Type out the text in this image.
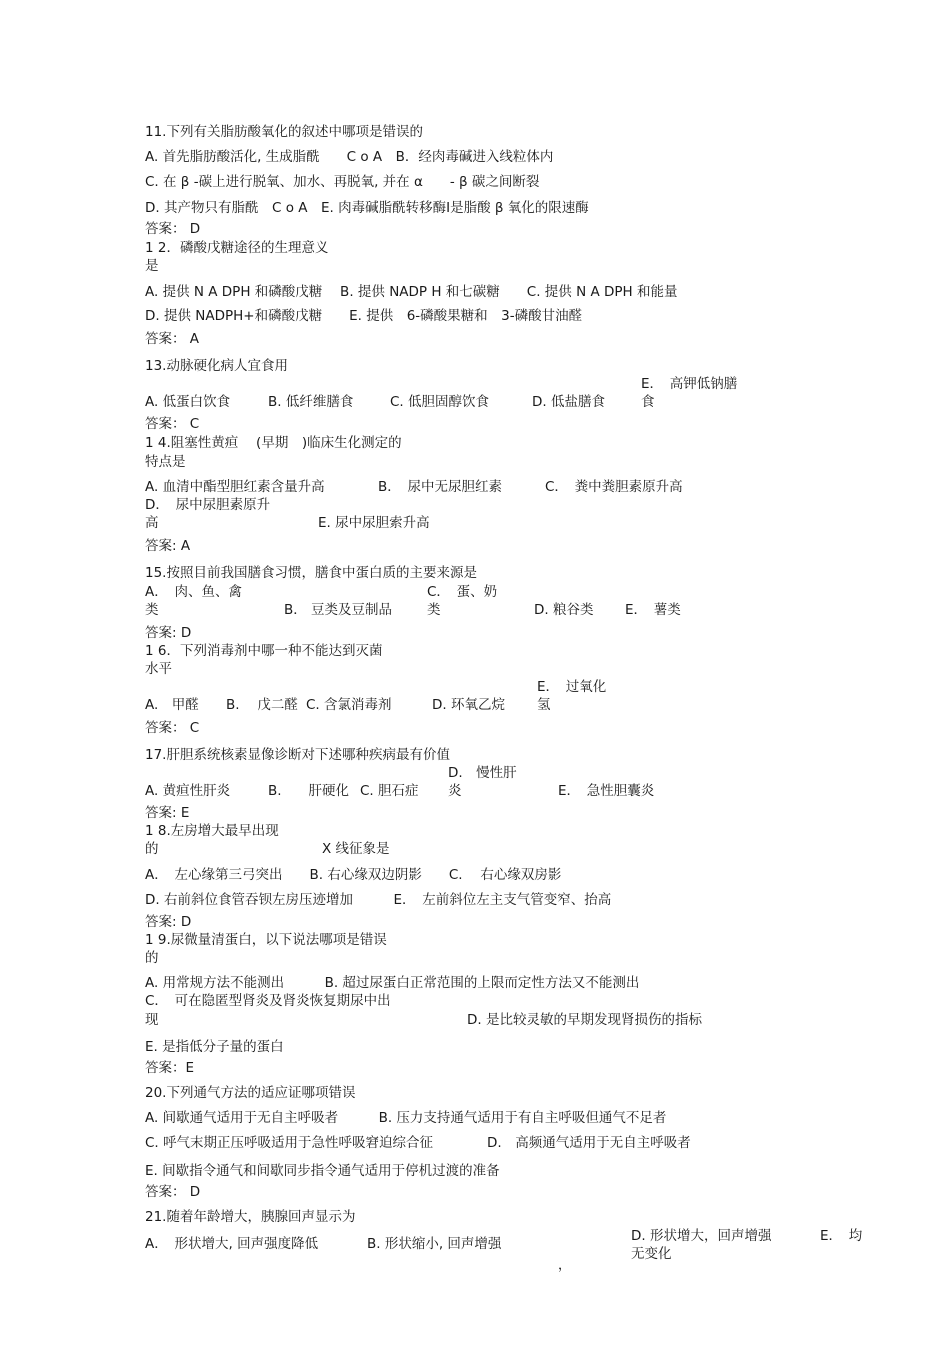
11.下列有关脂肪酸氧化的叙述中哪项是错误的
A. 首先脂肪酸活化, 生成脂酰　　C o A　B．经肉毒碱进入线粒体内
C. 在 β -碳上进行脱氧、加水、再脱氧, 并在 α　　- β 碳之间断裂
D. 其产物只有脂酰　C o A　E. 肉毒碱脂酰转移酶Ⅰ是脂酸 β 氧化的限速酶
答案： D
1 2．磷酸戊糖途径的生理意义
是
A. 提供 N A DPH 和磷酸戊糖　 B. 提供 NADP H 和七碳糖　　C. 提供 N A DPH 和能量
D. 提供 NADPH+和磷酸戊糖　　E. 提供　6-磷酸果糖和　3-磷酸甘油醛
答案： A
13.动脉硬化病人宜食用
E．　高钾低钠膳
A. 低蛋白饮食	B. 低纤维膳食	C. 低胆固醇饮食	D. 低盐膳食	食
答案： C
1 4.阻塞性黄疸　 (早期　)临床生化测定的
特点是
A. 血清中酯型胆红素含量升高	B．　尿中无尿胆红素	C．　粪中粪胆素原升高
D．　尿中尿胆素原升
高	E. 尿中尿胆索升高
答案: A
15.按照目前我国膳食习惯，膳食中蛋白质的主要来源是
A．　肉、鱼、禽	C．　蛋、奶
类	B． 豆类及豆制品	类	D. 粮谷类 E．　薯类
答案: D
1 6．下列消毒剂中哪一种不能达到灭菌
水平
E．　过氧化
A.　甲醛 B.　 戊二醛 C. 含氯消毒剂	D. 环氧乙烷 氢
答案： C
17.肝胆系统核素显像诊断对下述哪种疾病最有价值
D.　慢性肝
A. 黄疸性肝炎	B.　　肝硬化 C. 胆石症 炎	E．　急性胆囊炎
答案: E
1 8.左房增大最早出现
的	X 线征象是
A．　左心缘第三弓突出　　B. 右心缘双边阴影　　C.　 右心缘双房影
D. 右前斜位食管吞钡左房压迹增加　　　E．　左前斜位左主支气管变窄、抬高
答案: D
1 9.尿微量清蛋白，以下说法哪项是错误
的
A. 用常规方法不能测出　　　B. 超过尿蛋白正常范围的上限而定性方法又不能测出
C．　可在隐匿型肾炎及肾炎恢复期尿中出
现	D. 是比较灵敏的早期发现肾损伤的指标
E. 是指低分子量的蛋白
答案：E
20.下列通气方法的适应证哪项错误
A. 间歇通气适用于无自主呼吸者　　　B. 压力支持通气适用于有自主呼吸但通气不足者
C. 呼气末期正压呼吸适用于急性呼吸窘迫综合征　　　　D.　高频通气适用于无自主呼吸者
E. 间歇指令通气和间歇同步指令通气适用于停机过渡的准备
答案： D
21.随着年龄增大，胰腺回声显示为
D. 形状增大，回声增强	E．　均
A．　形状增大, 回声强度降低	B. 形状缩小, 回声增强
无变化
，
